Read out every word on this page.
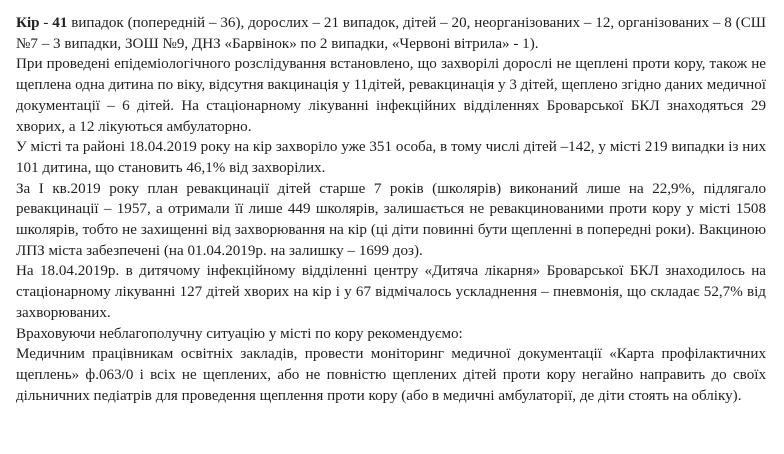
Кір - 41 випадок (попередній – 36), дорослих – 21 випадок, дітей – 20, неорганізованих – 12, організованих – 8 (СШ №7 – 3 випадки, ЗОШ №9, ДНЗ «Барвінок» по 2 випадки, «Червоні вітрила» - 1).

При проведені епідеміологічного розслідування встановлено, що захворілі дорослі не щеплені проти кору, також не щеплена одна дитина по віку, відсутня вакцинація у 11дітей, ревакцинація у 3 дітей, щеплено згідно даних медичної документації – 6 дітей. На стаціонарному лікуванні інфекційних відділеннях Броварської БКЛ знаходяться 29 хворих, а 12 лікуються амбулаторно.

У місті та районі 18.04.2019 року на кір захворіло уже 351 особа, в тому числі дітей –142, у місті 219 випадки із них 101 дитина, що становить 46,1% від захворілих.

За І кв.2019 року план ревакцинації дітей старше 7 років (школярів) виконаний лише на 22,9%, підлягало ревакцинації – 1957, а отримали її лише 449 школярів, залишається не ревакцинованими проти кору у місті 1508 школярів, тобто не захищенні від захворювання на кір (ці діти повинні бути щепленні в попередні роки). Вакциною ЛПЗ міста забезпечені (на 01.04.2019р. на залишку – 1699 доз).

На 18.04.2019р. в дитячому інфекційному відділенні центру «Дитяча лікарня» Броварської БКЛ знаходилось на стаціонарному лікуванні 127 дітей хворих на кір і у 67 відмічалось ускладнення – пневмонія, що складає 52,7% від захворюваних.

Враховуючи неблагополучну ситуацію у місті по кору рекомендуємо:

Медичним працівникам освітніх закладів, провести моніторинг медичної документації «Карта профілактичних щеплень» ф.063/0 і всіх не щеплених, або не повністю щеплених дітей проти кору негайно направить до своїх дільничних педіатрів для проведення щеплення проти кору (або в медичні амбулаторії, де діти стоять на обліку).
